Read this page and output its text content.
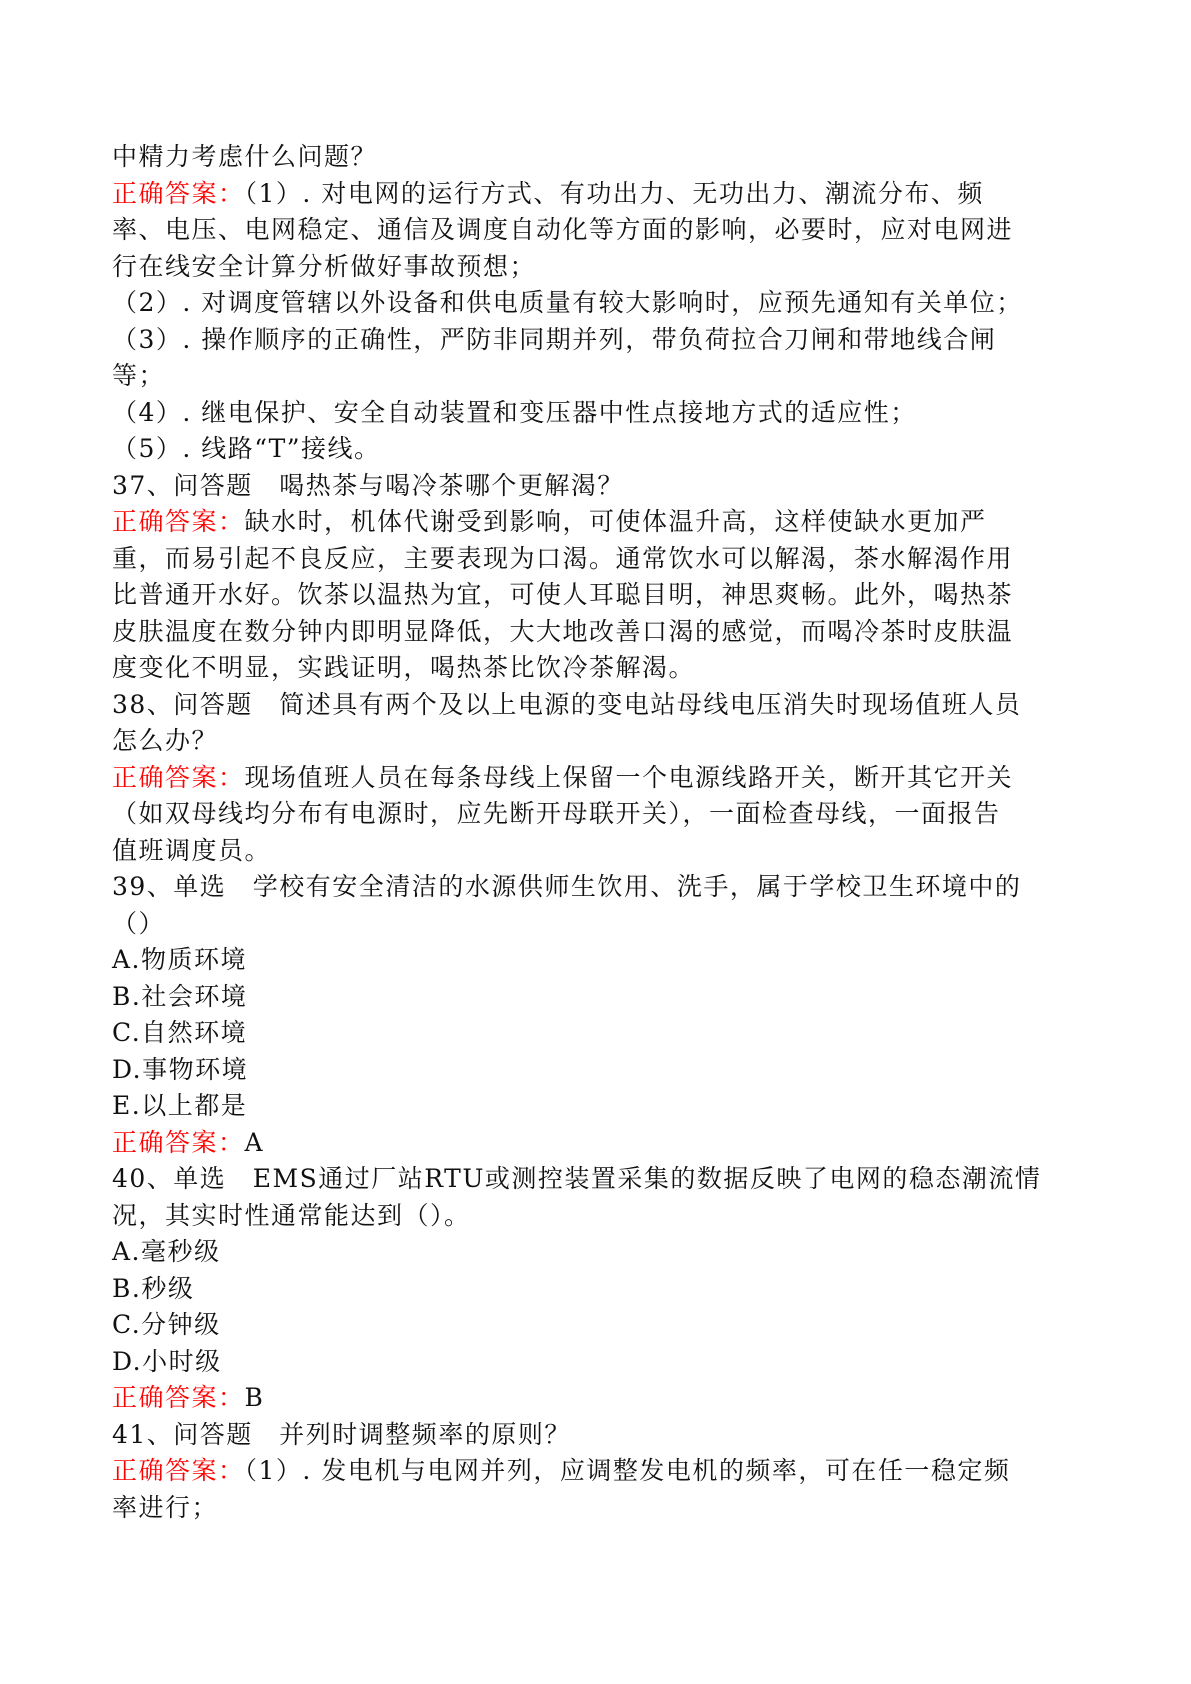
中精力考虑什么问题？
正确答案：（1）. 对电网的运行方式、有功出力、无功出力、潮流分布、频
率、电压、电网稳定、通信及调度自动化等方面的影响，必要时，应对电网进
行在线安全计算分析做好事故预想；
（2）. 对调度管辖以外设备和供电质量有较大影响时，应预先通知有关单位；
（3）. 操作顺序的正确性，严防非同期并列，带负荷拉合刀闸和带地线合闸
等；
（4）. 继电保护、安全自动装置和变压器中性点接地方式的适应性；
（5）. 线路“T”接线。
37、问答题　喝热茶与喝冷茶哪个更解渴？
正确答案：缺水时，机体代谢受到影响，可使体温升高，这样使缺水更加严
重，而易引起不良反应，主要表现为口渴。通常饮水可以解渴，茶水解渴作用
比普通开水好。饮茶以温热为宜，可使人耳聪目明，神思爽畅。此外，喝热茶
皮肤温度在数分钟内即明显降低，大大地改善口渴的感觉，而喝冷茶时皮肤温
度变化不明显，实践证明，喝热茶比饮冷茶解渴。
38、问答题　简述具有两个及以上电源的变电站母线电压消失时现场值班人员
怎么办？
正确答案：现场值班人员在每条母线上保留一个电源线路开关，断开其它开关
（如双母线均分布有电源时，应先断开母联开关），一面检查母线，一面报告
值班调度员。
39、单选　学校有安全清洁的水源供师生饮用、洗手，属于学校卫生环境中的
（）
A.物质环境
B.社会环境
C.自然环境
D.事物环境
E.以上都是
正确答案：A
40、单选　EMS通过厂站RTU或测控装置采集的数据反映了电网的稳态潮流情
况，其实时性通常能达到（）。
A.毫秒级
B.秒级
C.分钟级
D.小时级
正确答案：B
41、问答题　并列时调整频率的原则？
正确答案：（1）. 发电机与电网并列，应调整发电机的频率，可在任一稳定频
率进行；
